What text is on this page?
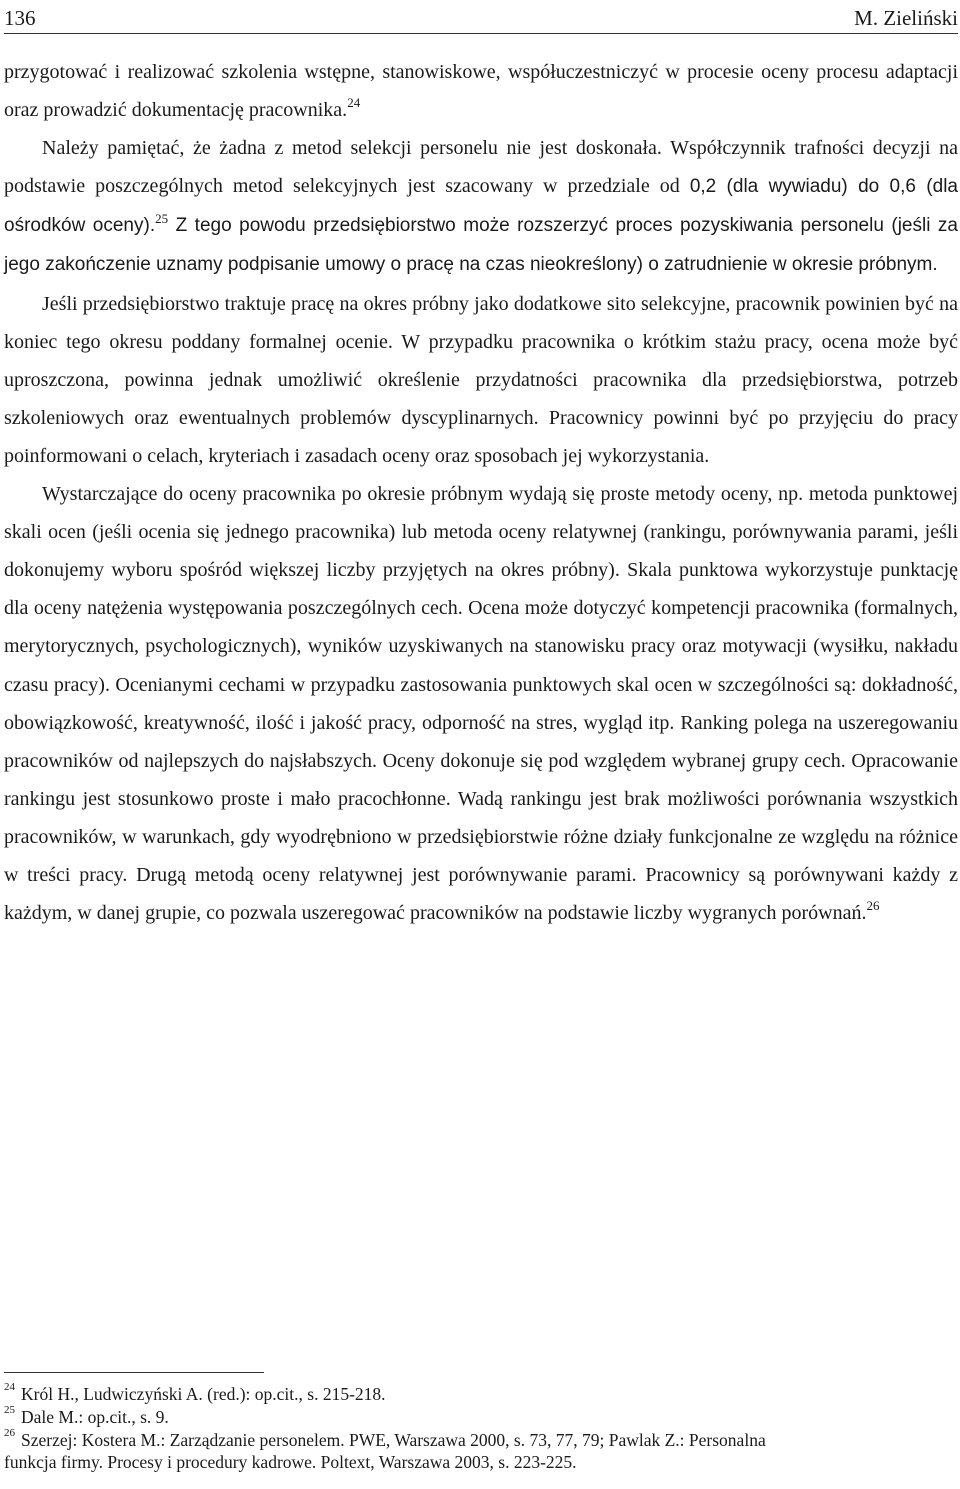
136	M. Zieliński

przygotować i realizować szkolenia wstępne, stanowiskowe, współuczestniczyć w procesie oceny procesu adaptacji oraz prowadzić dokumentację pracownika.$^{24}$

Należy pamiętać, że żadna z metod selekcji personelu nie jest doskonała. Współczynnik trafności decyzji na podstawie poszczególnych metod selekcyjnych jest szacowany w przedziale od 0,2 (dla wywiadu) do 0,6 (dla ośrodków oceny).$^{25}$ Z tego powodu przedsiębiorstwo może rozszerzyć proces pozyskiwania personelu (jeśli za jego zakończenie uznamy podpisanie umowy o pracę na czas nieokreślony) o zatrudnienie w okresie próbnym.

Jeśli przedsiębiorstwo traktuje pracę na okres próbny jako dodatkowe sito selekcyjne, pracownik powinien być na koniec tego okresu poddany formalnej ocenie. W przypadku pracownika o krótkim stażu pracy, ocena może być uproszczona, powinna jednak umożliwić określenie przydatności pracownika dla przedsiębiorstwa, potrzeb szkoleniowych oraz ewentualnych problemów dyscyplinarnych. Pracownicy powinni być po przyjęciu do pracy poinformowani o celach, kryteriach i zasadach oceny oraz sposobach jej wykorzystania.

Wystarczające do oceny pracownika po okresie próbnym wydają się proste metody oceny, np. metoda punktowej skali ocen (jeśli ocenia się jednego pracownika) lub metoda oceny relatywnej (rankingu, porównywania parami, jeśli dokonujemy wyboru spośród większej liczby przyjętych na okres próbny). Skala punktowa wykorzystuje punktację dla oceny natężenia występowania poszczególnych cech. Ocena może dotyczyć kompetencji pracownika (formalnych, merytorycznych, psychologicznych), wyników uzyskiwanych na stanowisku pracy oraz motywacji (wysiłku, nakładu czasu pracy). Ocenianymi cechami w przypadku zastosowania punktowych skal ocen w szczególności są: dokładność, obowiązkowość, kreatywność, ilość i jakość pracy, odporność na stres, wygląd itp. Ranking polega na uszeregowaniu pracowników od najlepszych do najsłabszych. Oceny dokonuje się pod względem wybranej grupy cech. Opracowanie rankingu jest stosunkowo proste i mało pracochłonne. Wadą rankingu jest brak możliwości porównania wszystkich pracowników, w warunkach, gdy wyodrębniono w przedsiębiorstwie różne działy funkcjonalne ze względu na różnice w treści pracy. Drugą metodą oceny relatywnej jest porównywanie parami. Pracownicy są porównywani każdy z każdym, w danej grupie, co pozwala uszeregować pracowników na podstawie liczby wygranych porównań.$^{26}$

$^{24}$ Król H., Ludwiczyński A. (red.): op.cit., s. 215-218.

$^{25}$ Dale M.: op.cit., s. 9.

$^{26}$ Szerzej: Kostera M.: Zarządzanie personelem. PWE, Warszawa 2000, s. 73, 77, 79; Pawlak Z.: Personalna

funkcja firmy. Procesy i procedury kadrowe. Poltext, Warszawa 2003, s. 223-225.
